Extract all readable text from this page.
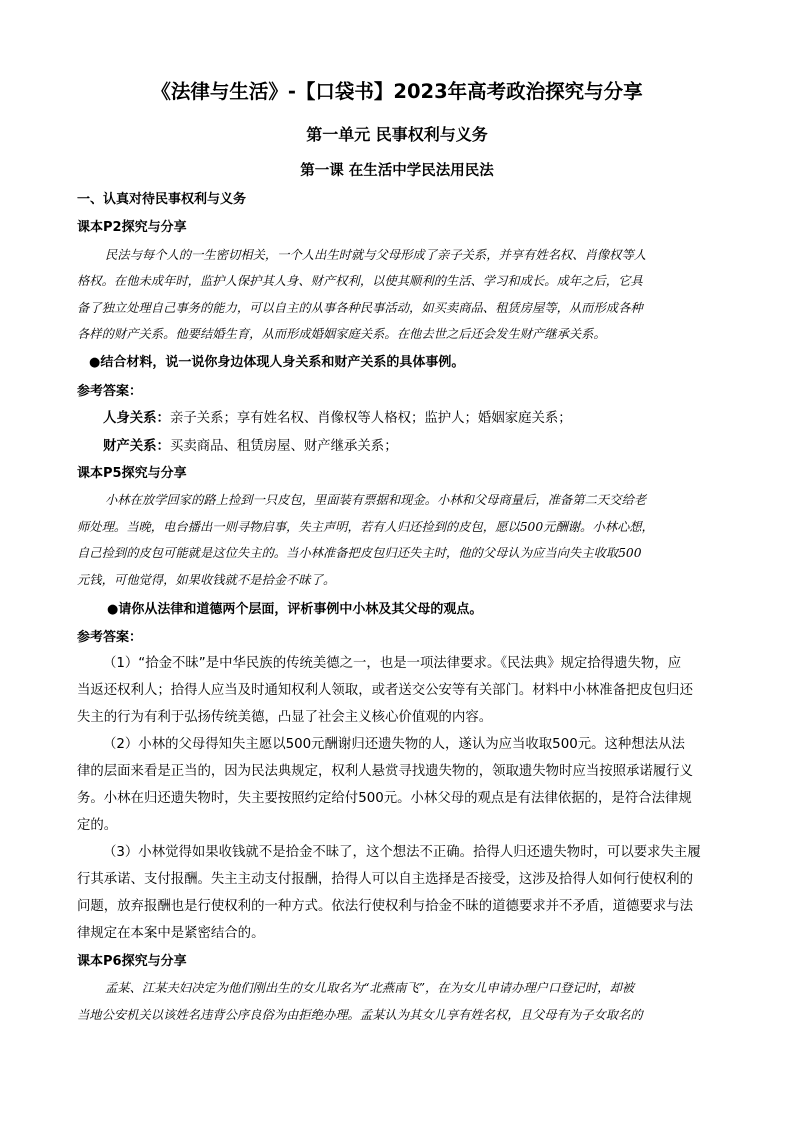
《法律与生活》-【口袋书】2023年高考政治探究与分享
第一单元 民事权利与义务
第一课 在生活中学民法用民法
一、认真对待民事权利与义务
课本P2探究与分享
民法与每个人的一生密切相关，一个人出生时就与父母形成了亲子关系，并享有姓名权、肖像权等人
格权。在他未成年时，监护人保护其人身、财产权利，以使其顺利的生活、学习和成长。成年之后，它具
备了独立处理自己事务的能力，可以自主的从事各种民事活动，如买卖商品、租赁房屋等，从而形成各种
各样的财产关系。他要结婚生育，从而形成婚姻家庭关系。在他去世之后还会发生财产继承关系。
●结合材料，说一说你身边体现人身关系和财产关系的具体事例。
参考答案：
人身关系：亲子关系；享有姓名权、肖像权等人格权；监护人；婚姻家庭关系；
财产关系：买卖商品、租赁房屋、财产继承关系；
课本P5探究与分享
小林在放学回家的路上捡到一只皮包，里面装有票据和现金。小林和父母商量后，准备第二天交给老
师处理。当晚，电台播出一则寻物启事，失主声明，若有人归还捡到的皮包，愿以500元酬谢。小林心想，
自己捡到的皮包可能就是这位失主的。当小林准备把皮包归还失主时，他的父母认为应当向失主收取500
元钱，可他觉得，如果收钱就不是拾金不昧了。
●请你从法律和道德两个层面，评析事例中小林及其父母的观点。
参考答案：
（1）“拾金不昧”是中华民族的传统美德之一，也是一项法律要求。《民法典》规定拾得遗失物，应
当返还权利人；拾得人应当及时通知权利人领取，或者送交公安等有关部门。材料中小林准备把皮包归还
失主的行为有利于弘扬传统美德，凸显了社会主义核心价值观的内容。
（2）小林的父母得知失主愿以500元酬谢归还遗失物的人，遂认为应当收取500元。这种想法从法
律的层面来看是正当的，因为民法典规定，权利人悬赏寻找遗失物的，领取遗失物时应当按照承诺履行义
务。小林在归还遗失物时，失主要按照约定给付500元。小林父母的观点是有法律依据的，是符合法律规
定的。
（3）小林觉得如果收钱就不是拾金不昧了，这个想法不正确。拾得人归还遗失物时，可以要求失主履
行其承诺、支付报酬。失主主动支付报酬，拾得人可以自主选择是否接受，这涉及拾得人如何行使权利的
问题，放弃报酬也是行使权利的一种方式。依法行使权利与拾金不昧的道德要求并不矛盾，道德要求与法
律规定在本案中是紧密结合的。
课本P6探究与分享
孟某、江某夫妇决定为他们刚出生的女儿取名为“北燕南飞”，在为女儿申请办理户口登记时，却被
当地公安机关以该姓名违背公序良俗为由拒绝办理。孟某认为其女儿享有姓名权，且父母有为子女取名的
